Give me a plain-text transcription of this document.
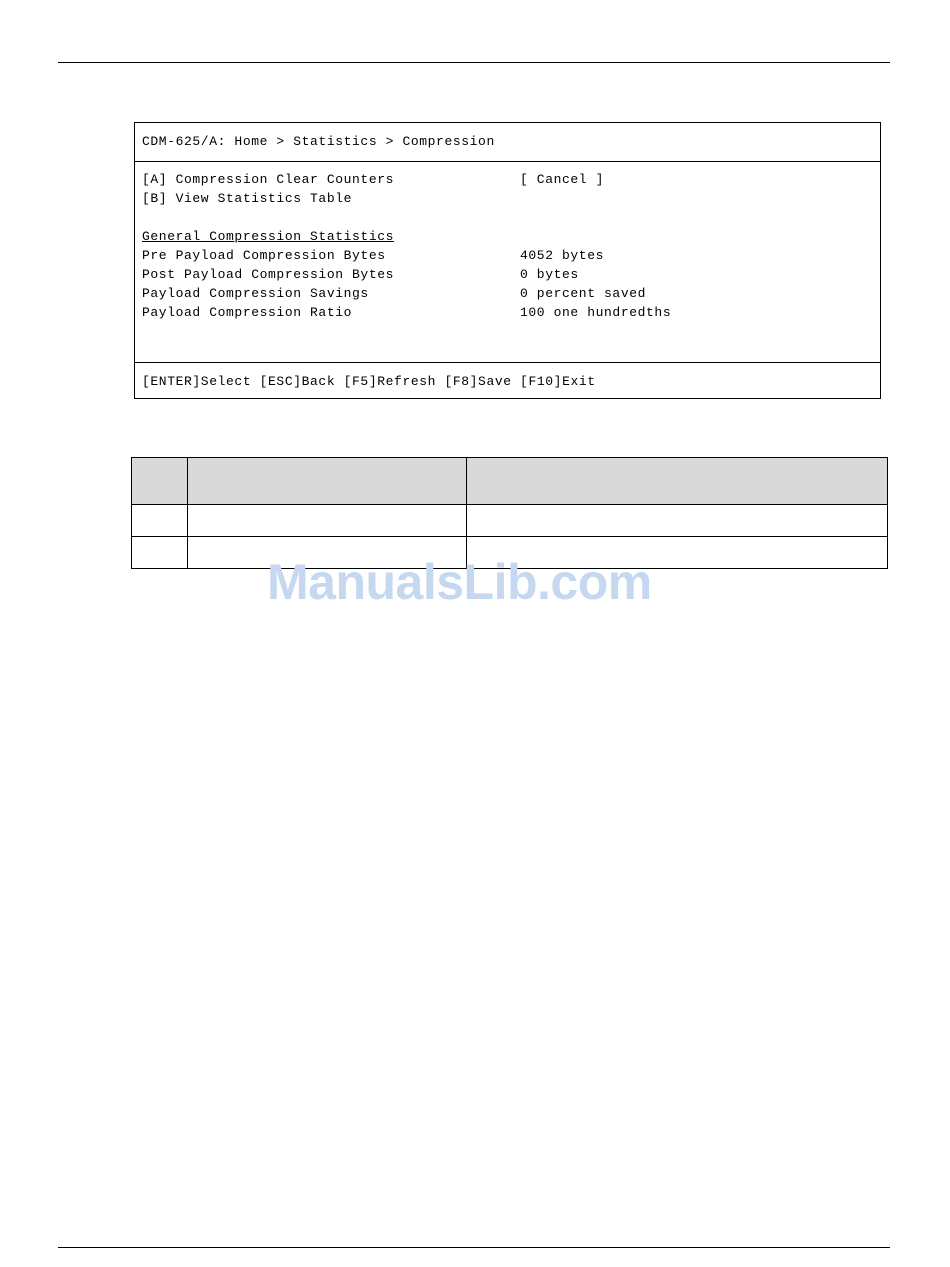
CDM-625/A: Home > Statistics > Compression
[A] Compression Clear Counters	[ Cancel ]
[B] View Statistics Table
General Compression Statistics
Pre Payload Compression Bytes	4052 bytes
Post Payload Compression Bytes	0 bytes
Payload Compression Savings	0 percent saved
Payload Compression Ratio	100 one hundredths
[ENTER]Select [ESC]Back [F5]Refresh [F8]Save [F10]Exit

ManualsLib.com
